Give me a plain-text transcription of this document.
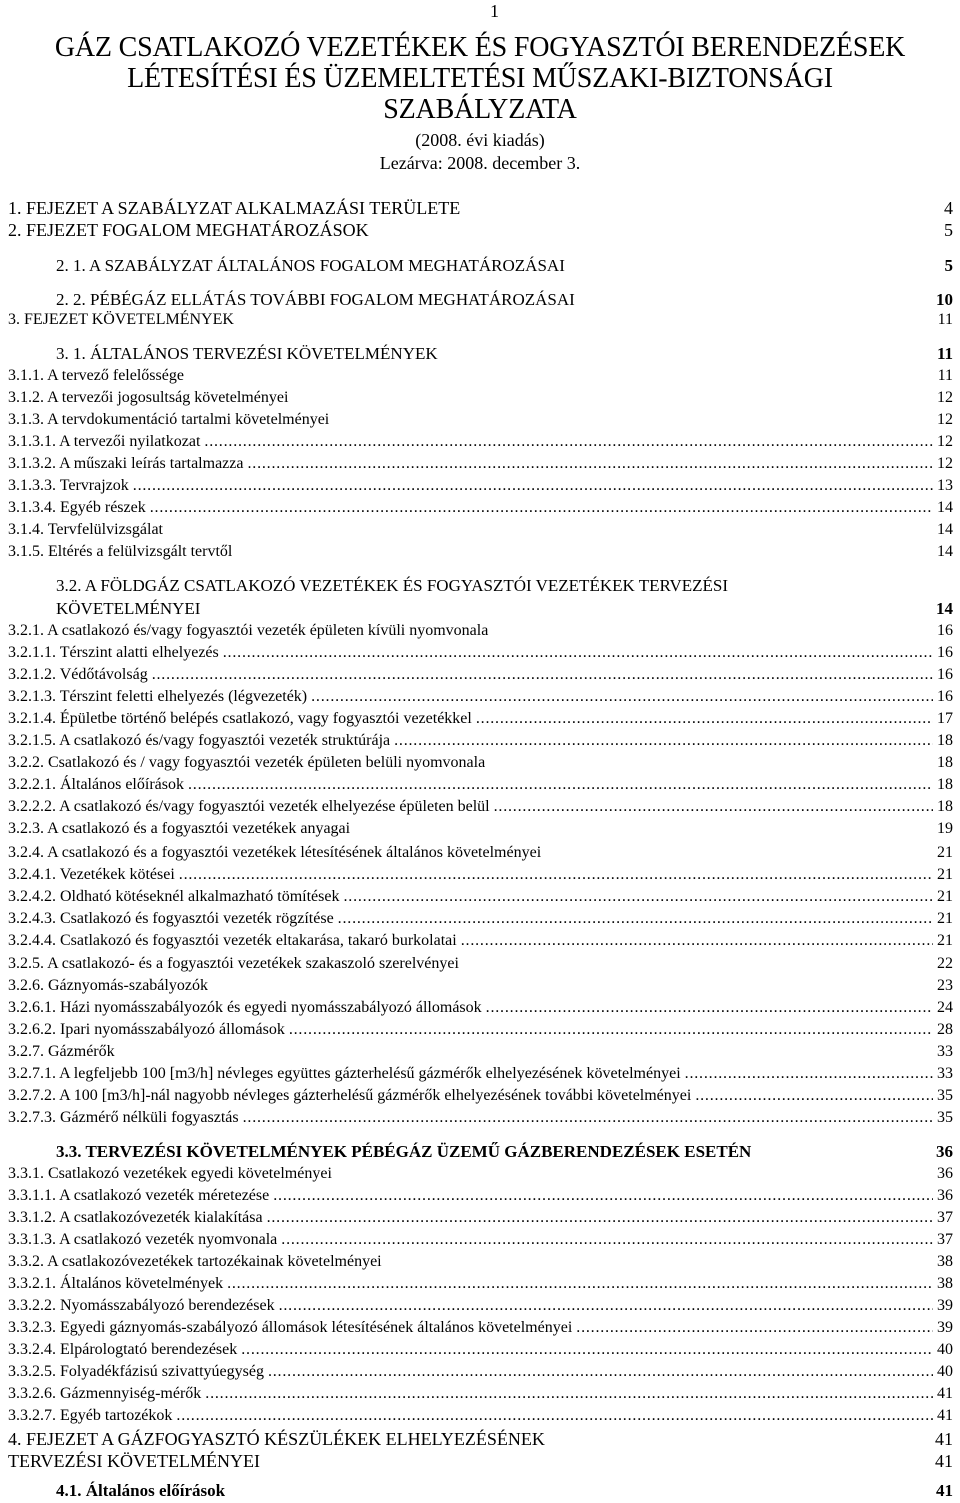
1
GÁZ CSATLAKOZÓ VEZETÉKEK ÉS FOGYASZTÓI BERENDEZÉSEK
LÉTESÍTÉSI ÉS ÜZEMELTETÉSI MŰSZAKI-BIZTONSÁGI
SZABÁLYZATA
(2008. évi kiadás)
Lezárva: 2008. december 3.
1. FEJEZET A SZABÁLYZAT ALKALMAZÁSI TERÜLETE	4
2. FEJEZET FOGALOM MEGHATÁROZÁSOK	5
2. 1. A SZABÁLYZAT ÁLTALÁNOS FOGALOM MEGHATÁROZÁSAI	5
2. 2. PÉBÉGÁZ ELLÁTÁS TOVÁBBI FOGALOM MEGHATÁROZÁSAI	10
3. FEJEZET KÖVETELMÉNYEK	11
3. 1. ÁLTALÁNOS TERVEZÉSI KÖVETELMÉNYEK	11
3.1.1. A tervező felelőssége	11
3.1.2. A tervezői jogosultság követelményei	12
3.1.3. A tervdokumentáció tartalmi követelményei	12
3.1.3.1. A tervezői nyilatkozat . . .	12
3.1.3.2. A műszaki leírás tartalmazza . . .	12
3.1.3.3. Tervrajzok . . .	13
3.1.3.4. Egyéb részek . . .	14
3.1.4. Tervfelülvizsgálat	14
3.1.5. Eltérés a felülvizsgált tervtől	14
3.2. A FÖLDGÁZ CSATLAKOZÓ VEZETÉKEK ÉS FOGYASZTÓI VEZETÉKEK TERVEZÉSI
KÖVETELMÉNYEI	14
3.2.1. A csatlakozó és/vagy fogyasztói vezeték épületen kívüli nyomvonala	16
3.2.1.1. Térszint alatti elhelyezés . . .	16
3.2.1.2. Védőtávolság . . .	16
3.2.1.3. Térszint feletti elhelyezés (légvezeték) . . .	16
3.2.1.4. Épületbe történő belépés csatlakozó, vagy fogyasztói vezetékkel . . .	17
3.2.1.5. A csatlakozó és/vagy fogyasztói vezeték struktúrája . . .	18
3.2.2. Csatlakozó és / vagy fogyasztói vezeték épületen belüli nyomvonala	18
3.2.2.1. Általános előírások . . .	18
3.2.2.2. A csatlakozó és/vagy fogyasztói vezeték elhelyezése épületen belül . . .	18
3.2.3. A csatlakozó és a fogyasztói vezetékek anyagai	19
3.2.4. A csatlakozó és a fogyasztói vezetékek létesítésének általános követelményei	21
3.2.4.1. Vezetékek kötései . . .	21
3.2.4.2. Oldható kötéseknél alkalmazható tömítések . . .	21
3.2.4.3. Csatlakozó és fogyasztói vezeték rögzítése . . .	21
3.2.4.4. Csatlakozó és fogyasztói vezeték eltakarása, takaró burkolatai . . .	21
3.2.5. A csatlakozó- és a fogyasztói vezetékek szakaszoló szerelvényei	22
3.2.6. Gáznyomás-szabályozók	23
3.2.6.1. Házi nyomásszabályozók és egyedi nyomásszabályozó állomások . . .	24
3.2.6.2. Ipari nyomásszabályozó állomások . . .	28
3.2.7. Gázmérők	33
3.2.7.1. A legfeljebb 100 [m3/h] névleges együttes gázterhelésű gázmérők elhelyezésének követelményei . . .	33
3.2.7.2. A 100 [m3/h]-nál nagyobb névleges gázterhelésű gázmérők elhelyezésének további követelményei . . .	35
3.2.7.3. Gázmérő nélküli fogyasztás . . .	35
3.3. TERVEZÉSI KÖVETELMÉNYEK PÉBÉGÁZ ÜZEMŰ GÁZBERENDEZÉSEK ESETÉN	36
3.3.1. Csatlakozó vezetékek egyedi követelményei	36
3.3.1.1. A csatlakozó vezeték méretezése . . .	36
3.3.1.2. A csatlakozóvezeték kialakítása . . .	37
3.3.1.3. A csatlakozó vezeték nyomvonala . . .	37
3.3.2. A csatlakozóvezetékek tartozékainak követelményei	38
3.3.2.1. Általános követelmények . . .	38
3.3.2.2. Nyomásszabályozó berendezések . . .	39
3.3.2.3. Egyedi gáznyomás-szabályozó állomások létesítésének általános követelményei . . .	39
3.3.2.4. Elpárologtató berendezések . . .	40
3.3.2.5. Folyadékfázisú szivattyúegység . . .	40
3.3.2.6. Gázmennyiség-mérők . . .	41
3.3.2.7. Egyéb tartozékok . . .	41
4. FEJEZET A GÁZFOGYASZTÓ KÉSZÜLÉKEK ELHELYEZÉSÉNEK	41
TERVEZÉSI KÖVETELMÉNYEI	41
4.1. Általános előírások	41
